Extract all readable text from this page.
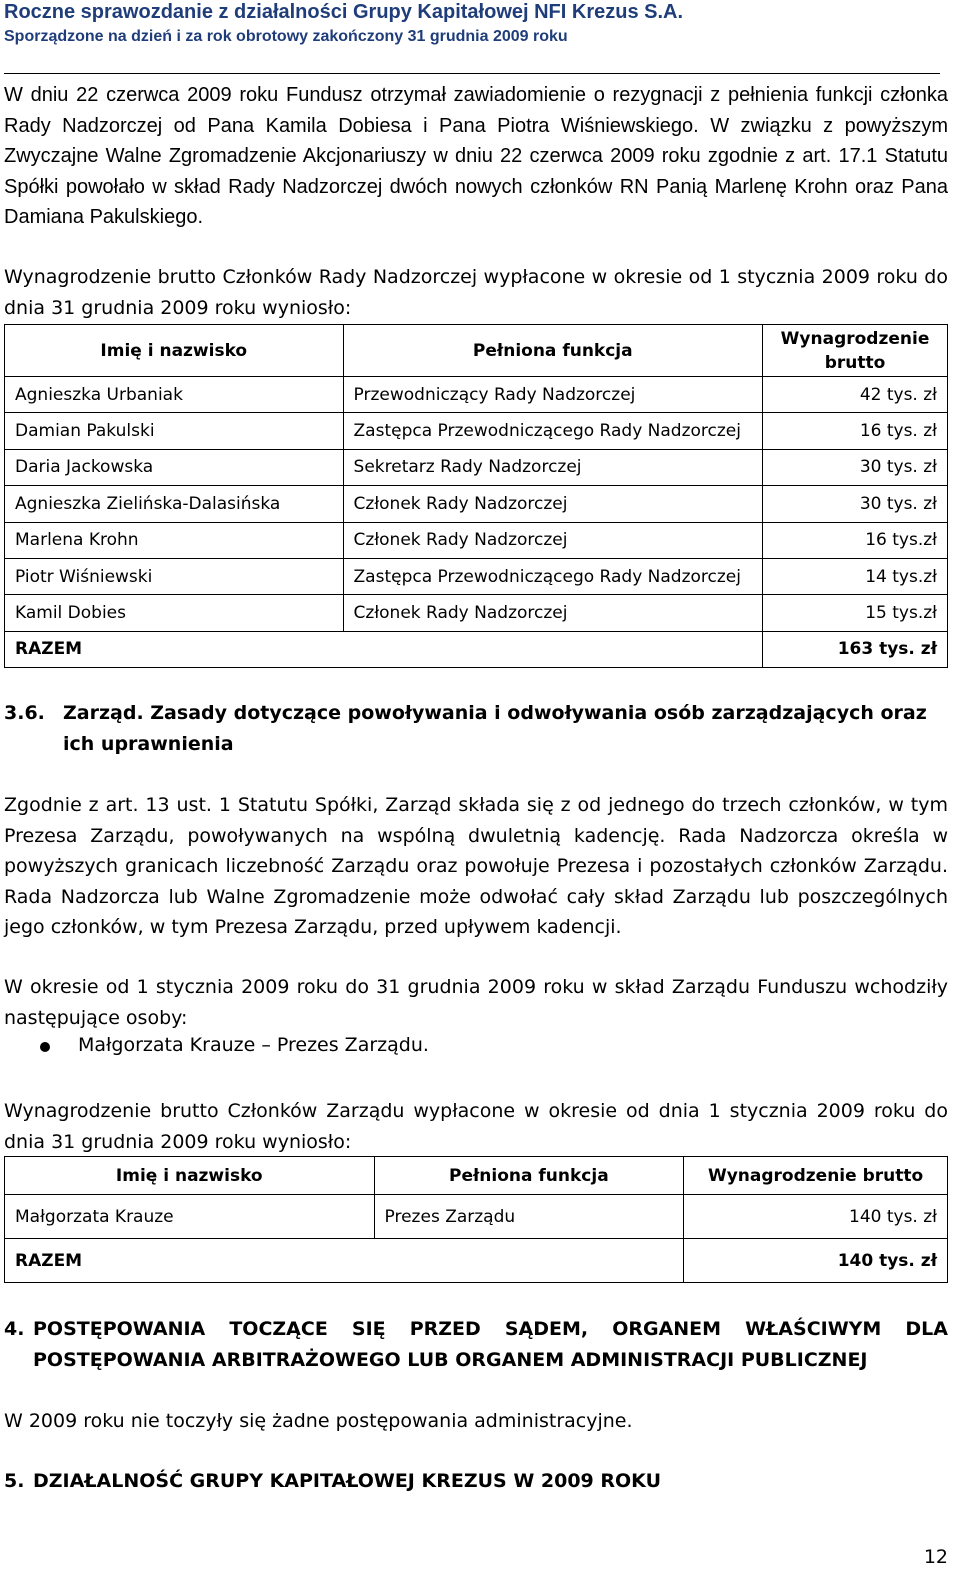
Roczne sprawozdanie z działalności Grupy Kapitałowej NFI Krezus S.A.
Sporządzone na dzień i za rok obrotowy zakończony 31 grudnia 2009 roku

W dniu 22 czerwca 2009 roku Fundusz otrzymał zawiadomienie o rezygnacji z pełnienia funkcji członka Rady Nadzorczej od Pana Kamila Dobiesa i Pana Piotra Wiśniewskiego. W związku z powyższym Zwyczajne Walne Zgromadzenie Akcjonariuszy w dniu 22 czerwca 2009 roku zgodnie z art. 17.1 Statutu Spółki powołało w skład Rady Nadzorczej dwóch nowych członków RN Panią Marlenę Krohn oraz Pana Damiana Pakulskiego.

Wynagrodzenie brutto Członków Rady Nadzorczej wypłacone w okresie od 1 stycznia 2009 roku do dnia 31 grudnia 2009 roku wyniosło:

Imię i nazwisko	Pełniona funkcja	Wynagrodzenie brutto
Agnieszka Urbaniak	Przewodniczący Rady Nadzorczej	42 tys. zł
Damian Pakulski	Zastępca Przewodniczącego Rady Nadzorczej	16 tys. zł
Daria Jackowska	Sekretarz Rady Nadzorczej	30 tys. zł
Agnieszka Zielińska-Dalasińska	Członek Rady Nadzorczej	30 tys. zł
Marlena Krohn	Członek Rady Nadzorczej	16 tys.zł
Piotr Wiśniewski	Zastępca Przewodniczącego Rady Nadzorczej	14 tys.zł
Kamil Dobies	Członek Rady Nadzorczej	15 tys.zł
RAZEM		163 tys. zł
3.6. Zarząd. Zasady dotyczące powoływania i odwoływania osób zarządzających oraz ich uprawnienia

Zgodnie z art. 13 ust. 1 Statutu Spółki, Zarząd składa się z od jednego do trzech członków, w tym Prezesa Zarządu, powoływanych na wspólną dwuletnią kadencję. Rada Nadzorcza określa w powyższych granicach liczebność Zarządu oraz powołuje Prezesa i pozostałych członków Zarządu. Rada Nadzorcza lub Walne Zgromadzenie może odwołać cały skład Zarządu lub poszczególnych jego członków, w tym Prezesa Zarządu, przed upływem kadencji.

W okresie od 1 stycznia 2009 roku do 31 grudnia 2009 roku w skład Zarządu Funduszu wchodziły następujące osoby:

Małgorzata Krauze – Prezes Zarządu.

Wynagrodzenie brutto Członków Zarządu wypłacone w okresie od dnia 1 stycznia 2009 roku do dnia 31 grudnia 2009 roku wyniosło:

Imię i nazwisko	Pełniona funkcja	Wynagrodzenie brutto
Małgorzata Krauze	Prezes Zarządu	140 tys. zł
RAZEM		140 tys. zł
4. POSTĘPOWANIA TOCZĄCE SIĘ PRZED SĄDEM, ORGANEM WŁAŚCIWYM DLA POSTĘPOWANIA ARBITRAŻOWEGO LUB ORGANEM ADMINISTRACJI PUBLICZNEJ

W 2009 roku nie toczyły się żadne postępowania administracyjne.

5. DZIAŁALNOŚĆ GRUPY KAPITAŁOWEJ KREZUS W 2009 ROKU
12
